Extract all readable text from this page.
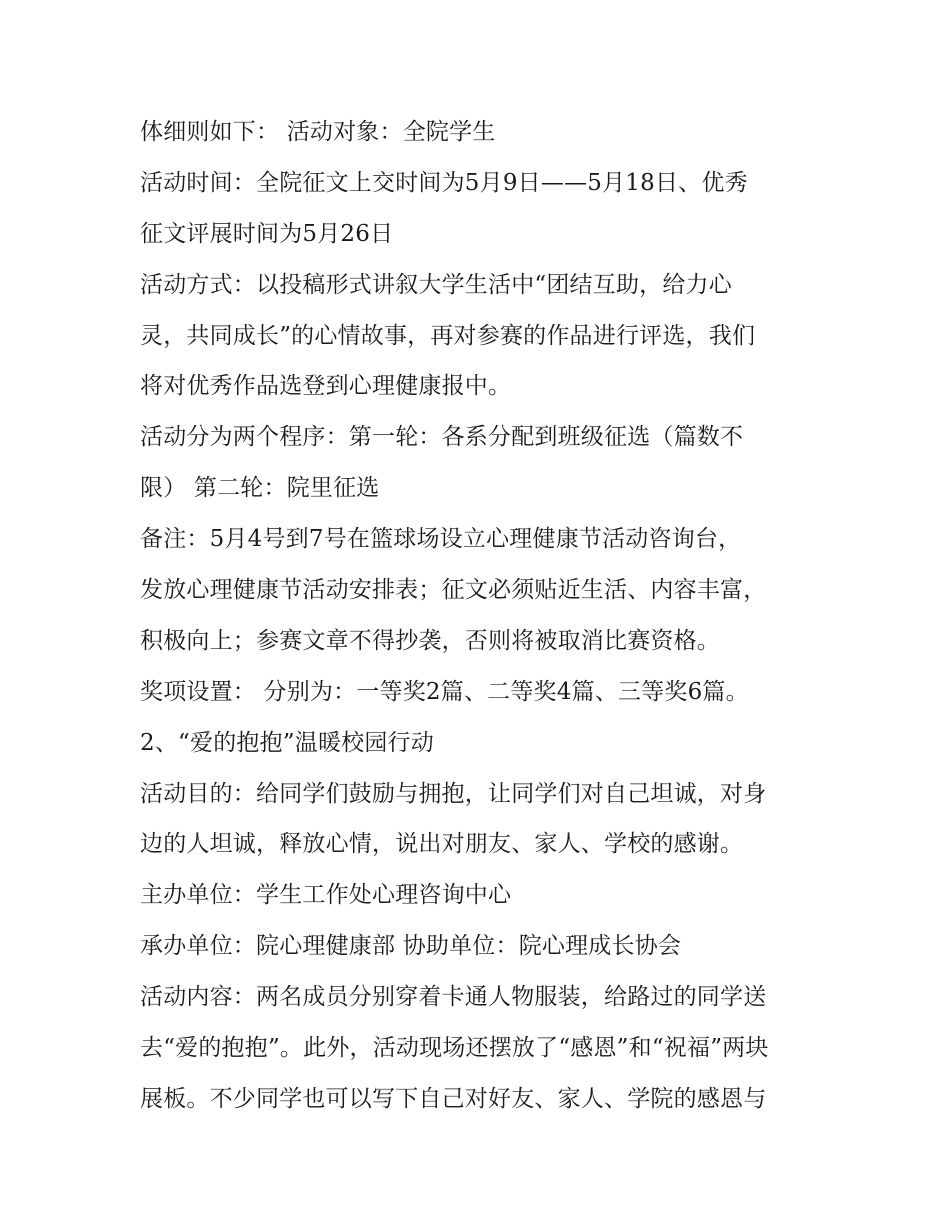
体细则如下： 活动对象：全院学生
活动时间：全院征文上交时间为5月9日——5月18日、优秀
征文评展时间为5月26日
活动方式：以投稿形式讲叙大学生活中“团结互助，给力心
灵，共同成长”的心情故事，再对参赛的作品进行评选，我们
将对优秀作品选登到心理健康报中。
活动分为两个程序：第一轮：各系分配到班级征选（篇数不
限） 第二轮：院里征选
备注：5月4号到7号在篮球场设立心理健康节活动咨询台，
发放心理健康节活动安排表；征文必须贴近生活、内容丰富，
积极向上；参赛文章不得抄袭，否则将被取消比赛资格。
奖项设置： 分别为：一等奖2篇、二等奖4篇、三等奖6篇。
2、“爱的抱抱”温暖校园行动
活动目的：给同学们鼓励与拥抱，让同学们对自己坦诚，对身
边的人坦诚，释放心情，说出对朋友、家人、学校的感谢。
主办单位：学生工作处心理咨询中心
承办单位：院心理健康部 协助单位：院心理成长协会
活动内容：两名成员分别穿着卡通人物服装，给路过的同学送
去“爱的抱抱”。此外，活动现场还摆放了“感恩”和“祝福”两块
展板。不少同学也可以写下自己对好友、家人、学院的感恩与
